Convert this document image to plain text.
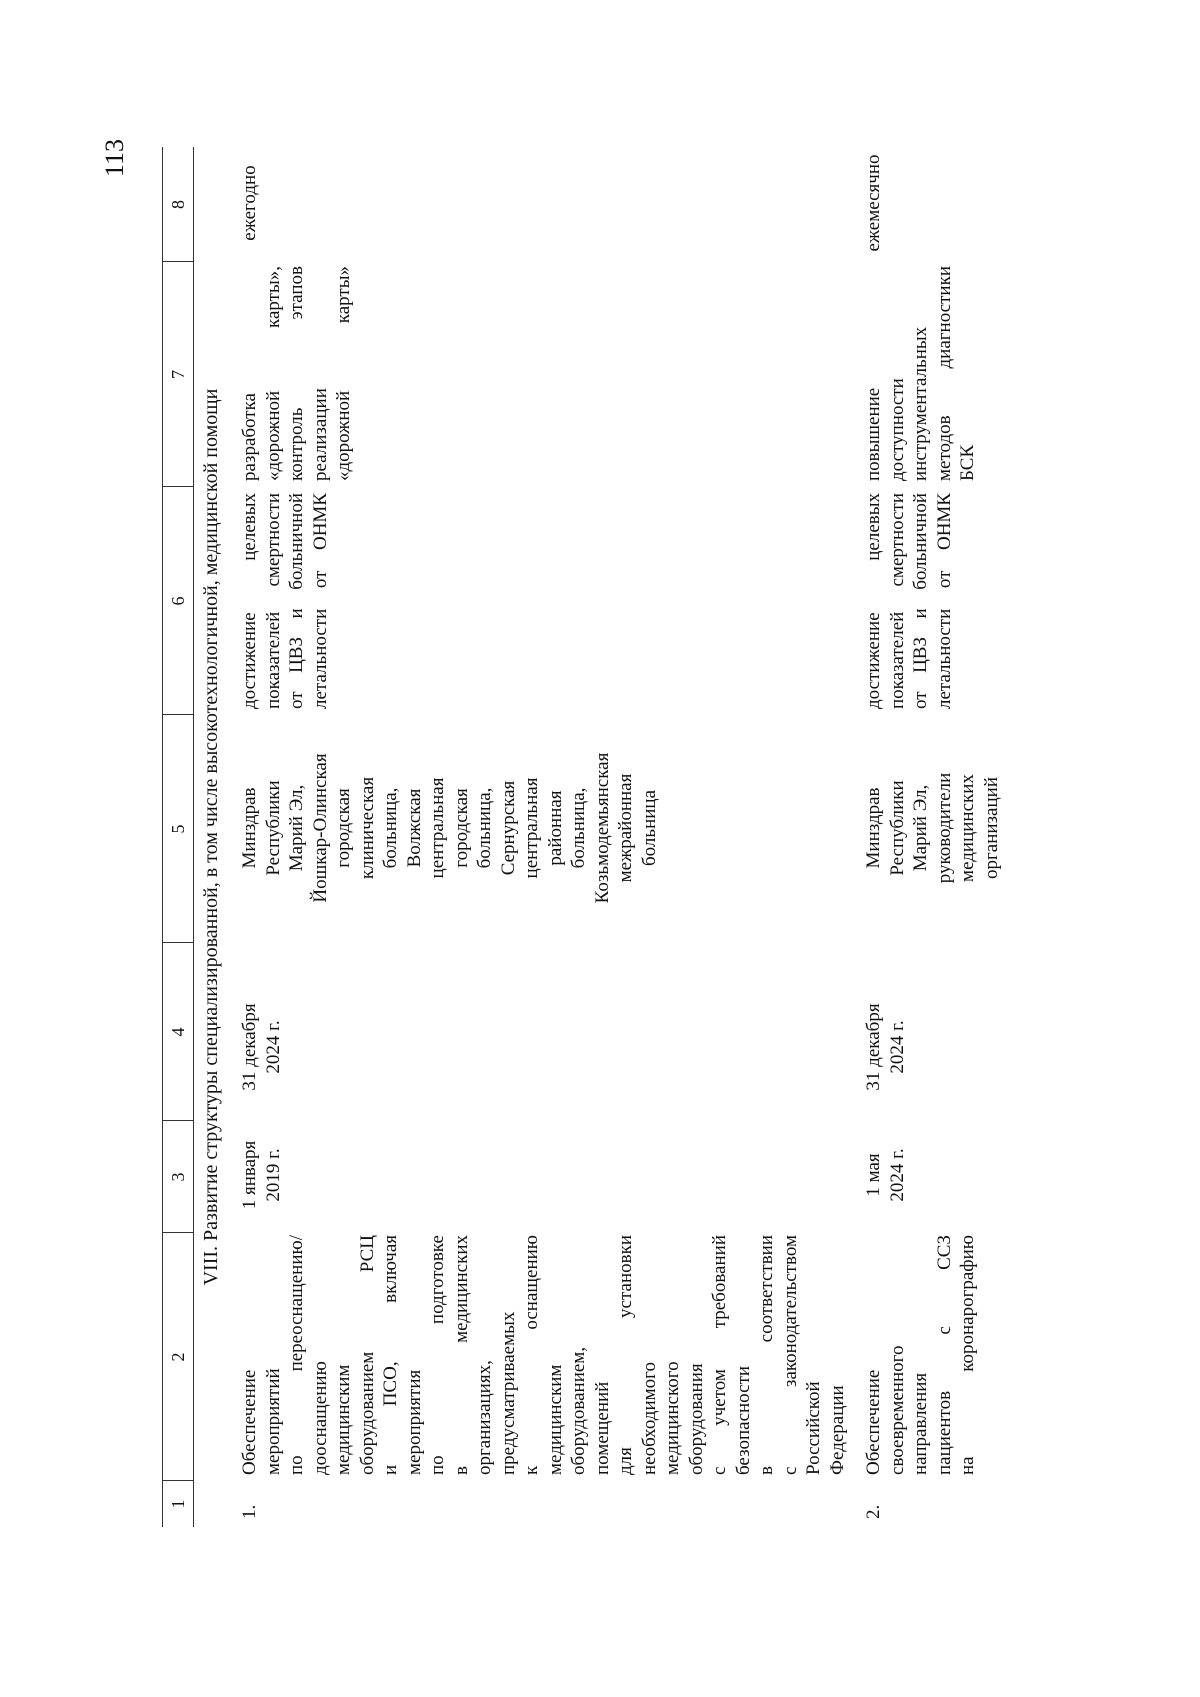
113
1
2
3
4
5
6
7
8
VIII. Развитие структуры специализированной, в том числе высокотехнологичной, медицинской помощи
1.
Обеспечение мероприятий по
переоснащению/
дооснащению медицинским оборудованием
РСЦ
и
ПСО,
включая
мероприятия по
подготовке
в
медицинских
организациях, предусматриваемых к
оснащению
медицинским оборудованием, помещений для
установки
необходимого медицинского оборудования с
учетом
требований
безопасности в
соответствии
с
законодательством
Российской Федерации
1 января 2019 г.
31 декабря 2024 г.
Минздрав Республики Марий Эл, Йошкар-Олинская городская клиническая больница, Волжская центральная городская больница, Сернурская центральная районная больница, Козьмодемьянская межрайонная больница
достижение
целевых
показателей
смертности
от
ЦВЗ
и
больничной
летальности
от
ОНМК
разработка «дорожной
карты»,
контроль
этапов
реализации «дорожной
карты»
ежегодно
2.
Обеспечение своевременного направления пациентов
с
ССЗ
на
коронарографию
1 мая 2024 г.
31 декабря 2024 г.
Минздрав Республики Марий Эл, руководители медицинских организаций
достижение
целевых
показателей
смертности
от
ЦВЗ
и
больничной
летальности
от
ОНМК
повышение доступности инструментальных методов
диагностики
БСК
ежемесячно
